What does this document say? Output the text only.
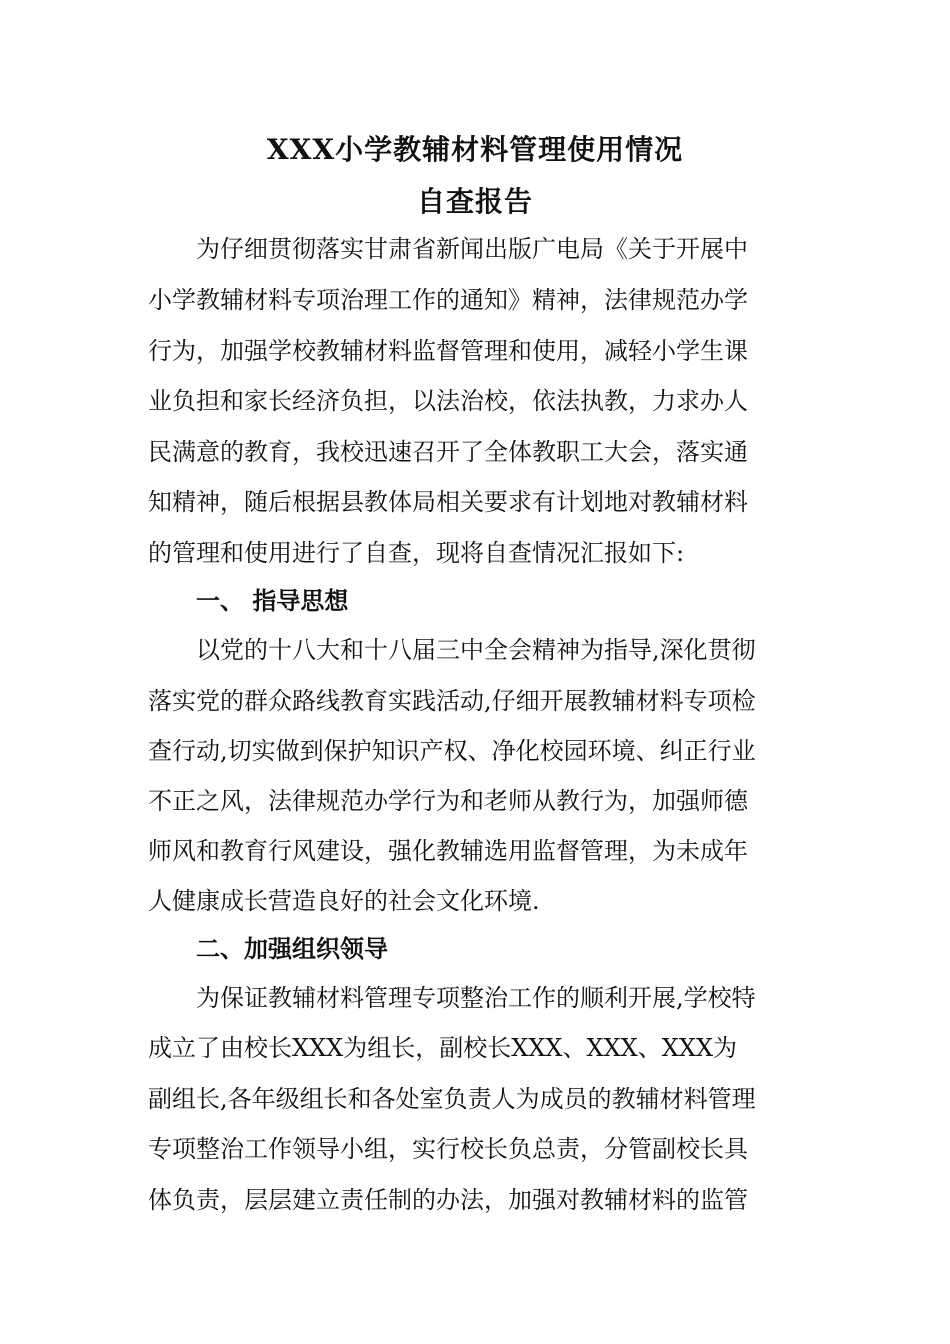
XXX小学教辅材料管理使用情况
自查报告

为仔细贯彻落实甘肃省新闻出版广电局《关于开展中

小学教辅材料专项治理工作的通知》精神，法律规范办学

行为，加强学校教辅材料监督管理和使用，减轻小学生课

业负担和家长经济负担，以法治校，依法执教，力求办人

民满意的教育，我校迅速召开了全体教职工大会，落实通

知精神，随后根据县教体局相关要求有计划地对教辅材料

的管理和使用进行了自查，现将自查情况汇报如下:

一、 指导思想

以党的十八大和十八届三中全会精神为指导,深化贯彻

落实党的群众路线教育实践活动,仔细开展教辅材料专项检

查行动,切实做到保护知识产权、净化校园环境、纠正行业

不正之风，法律规范办学行为和老师从教行为，加强师德

师风和教育行风建设，强化教辅选用监督管理，为未成年

人健康成长营造良好的社会文化环境.

二、加强组织领导

为保证教辅材料管理专项整治工作的顺利开展,学校特

成立了由校长XXX为组长，副校长XXX、XXX、XXX为

副组长,各年级组长和各处室负责人为成员的教辅材料管理

专项整治工作领导小组，实行校长负总责，分管副校长具

体负责，层层建立责任制的办法，加强对教辅材料的监管
